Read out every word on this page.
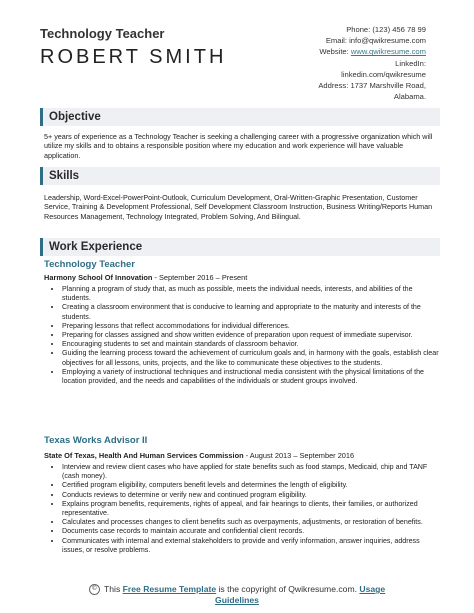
Technology Teacher
ROBERT SMITH
Phone: (123) 456 78 99
Email: info@qwikresume.com
Website: www.qwikresume.com
LinkedIn:
linkedin.com/qwikresume
Address: 1737 Marshville Road,
Alabama.
Objective
5+ years of experience as a Technology Teacher is seeking a challenging career with a progressive organization which will utilize my skills and to obtains a responsible position where my education and work experience will have valuable application.
Skills
Leadership, Word-Excel-PowerPoint-Outlook, Curriculum Development, Oral-Written-Graphic Presentation, Customer Service, Training & Development Professional, Self Development Classroom Instruction, Business Writing/Reports Human Resources Management, Technology Integrated, Problem Solving, And Bilingual.
Work Experience
Technology Teacher
Harmony School Of Innovation - September 2016 – Present
• Planning a program of study that, as much as possible, meets the individual needs, interests, and abilities of the students.
• Creating a classroom environment that is conducive to learning and appropriate to the maturity and interests of the students.
• Preparing lessons that reflect accommodations for individual differences.
• Preparing for classes assigned and show written evidence of preparation upon request of immediate supervisor.
• Encouraging students to set and maintain standards of classroom behavior.
• Guiding the learning process toward the achievement of curriculum goals and, in harmony with the goals, establish clear objectives for all lessons, units, projects, and the like to communicate these objectives to the students.
• Employing a variety of instructional techniques and instructional media consistent with the physical limitations of the location provided, and the needs and capabilities of the individuals or student groups involved.
Texas Works Advisor II
State Of Texas, Health And Human Services Commission - August 2013 – September 2016
• Interview and review client cases who have applied for state benefits such as food stamps, Medicaid, chip and TANF (cash money).
• Certified program eligibility, computers benefit levels and determines the length of eligibility.
• Conducts reviews to determine or verify new and continued program eligibility.
• Explains program benefits, requirements, rights of appeal, and fair hearings to clients, their families, or authorized representative.
• Calculates and processes changes to client benefits such as overpayments, adjustments, or restoration of benefits.
• Documents case records to maintain accurate and confidential client records.
• Communicates with internal and external stakeholders to provide and verify information, answer inquiries, address issues, or resolve problems.
© This Free Resume Template is the copyright of Qwikresume.com. Usage
Guidelines
